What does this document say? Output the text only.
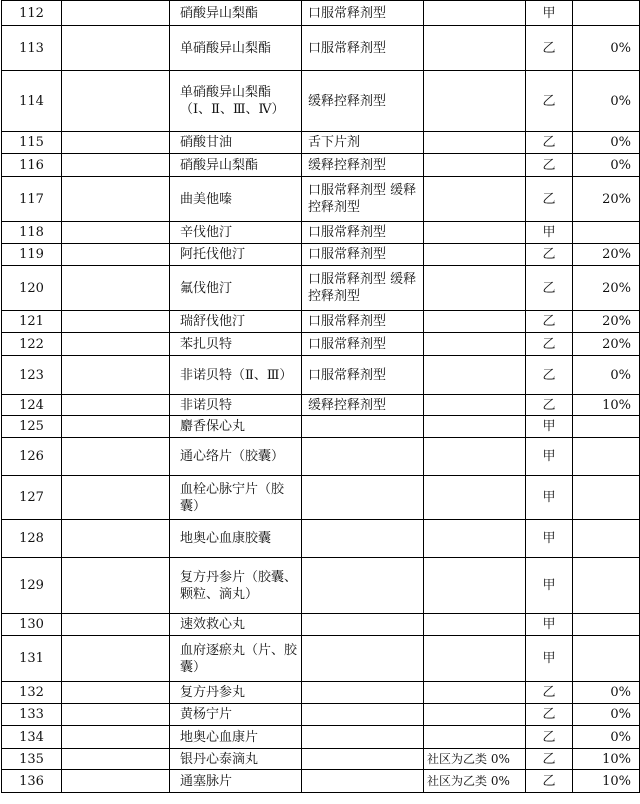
112		硝酸异山梨酯	口服常释剂型		甲	
113		单硝酸异山梨酯	口服常释剂型		乙	0%
114		单硝酸异山梨酯（Ⅰ、Ⅱ、Ⅲ、Ⅳ）	缓释控释剂型		乙	0%
115		硝酸甘油	舌下片剂		乙	0%
116		硝酸异山梨酯	缓释控释剂型		乙	0%
117		曲美他嗪	口服常释剂型 缓释控释剂型		乙	20%
118		辛伐他汀	口服常释剂型		甲	
119		阿托伐他汀	口服常释剂型		乙	20%
120		氟伐他汀	口服常释剂型 缓释控释剂型		乙	20%
121		瑞舒伐他汀	口服常释剂型		乙	20%
122		苯扎贝特	口服常释剂型		乙	20%
123		非诺贝特（Ⅱ、Ⅲ）	口服常释剂型		乙	0%
124		非诺贝特	缓释控释剂型		乙	10%
125		麝香保心丸			甲	
126		通心络片（胶囊）			甲	
127		血栓心脉宁片（胶囊）			甲	
128		地奥心血康胶囊			甲	
129		复方丹参片（胶囊、颗粒、滴丸）			甲	
130		速效救心丸			甲	
131		血府逐瘀丸（片、胶囊）			甲	
132		复方丹参丸			乙	0%
133		黄杨宁片			乙	0%
134		地奥心血康片			乙	0%
135		银丹心泰滴丸		社区为乙类 0%	乙	10%
136		通塞脉片		社区为乙类 0%	乙	10%
